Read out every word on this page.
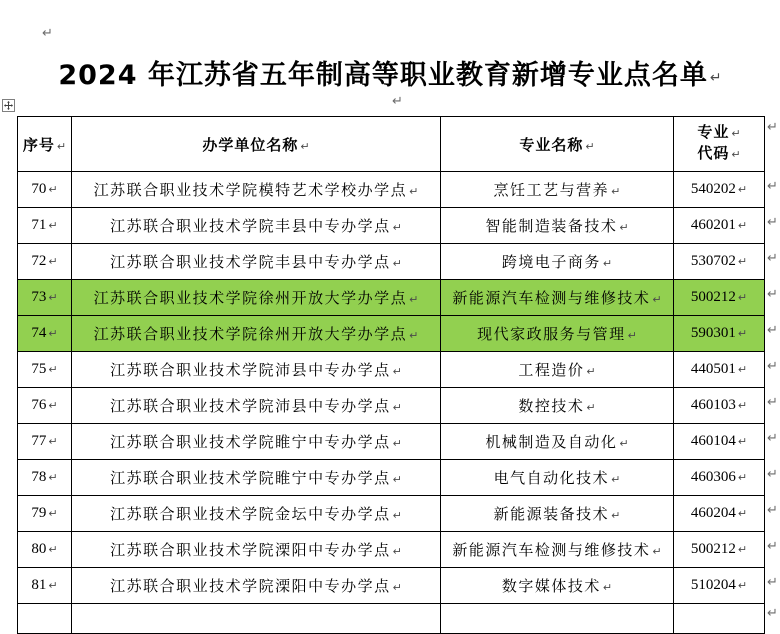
↵
2024 年江苏省五年制高等职业教育新增专业点名单 ↵
↵
序号 ↵	办学单位名称 ↵	专业名称 ↵	专业 ↵
代码 ↵

70 ↵	江苏联合职业技术学院模特艺术学校办学点 ↵	烹饪工艺与营养 ↵	540202 ↵
71 ↵	江苏联合职业技术学院丰县中专办学点 ↵	智能制造装备技术 ↵	460201 ↵
72 ↵	江苏联合职业技术学院丰县中专办学点 ↵	跨境电子商务 ↵	530702 ↵
73 ↵	江苏联合职业技术学院徐州开放大学办学点 ↵	新能源汽车检测与维修技术 ↵	500212 ↵
74 ↵	江苏联合职业技术学院徐州开放大学办学点 ↵	现代家政服务与管理 ↵	590301 ↵
75 ↵	江苏联合职业技术学院沛县中专办学点 ↵	工程造价 ↵	440501 ↵
76 ↵	江苏联合职业技术学院沛县中专办学点 ↵	数控技术 ↵	460103 ↵
77 ↵	江苏联合职业技术学院睢宁中专办学点 ↵	机械制造及自动化 ↵	460104 ↵
78 ↵	江苏联合职业技术学院睢宁中专办学点 ↵	电气自动化技术 ↵	460306 ↵
79 ↵	江苏联合职业技术学院金坛中专办学点 ↵	新能源装备技术 ↵	460204 ↵
80 ↵	江苏联合职业技术学院溧阳中专办学点 ↵	新能源汽车检测与维修技术 ↵	500212 ↵
81 ↵	江苏联合职业技术学院溧阳中专办学点 ↵	数字媒体技术 ↵	510204 ↵

↵
↵
↵
↵
↵
↵
↵
↵
↵
↵
↵
↵
↵
↵
